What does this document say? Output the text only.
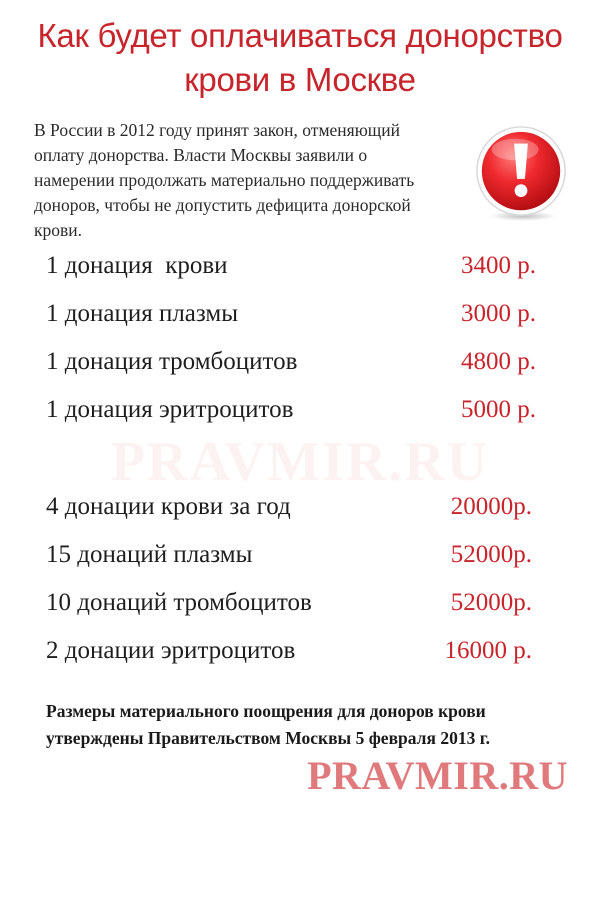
Как будет оплачиваться донорство
крови в Москве
В России в 2012 году принят закон, отменяющий
оплату донорства. Власти Москвы заявили о
намерении продолжать материально поддерживать
доноров, чтобы не допустить дефицита донорской
крови.
PRAVMIR.RU
1 донация  крови	3400 р.
1 донация плазмы	3000 р.
1 донация тромбоцитов	4800 р.
1 донация эритроцитов	5000 р.
4 донации крови за год	20000р.
15 донаций плазмы	52000р.
10 донаций тромбоцитов	52000р.
2 донации эритроцитов	16000 р.
Размеры материального поощрения для доноров крови
утверждены Правительством Москвы 5 февраля 2013 г.
PRAVMIR.RU
